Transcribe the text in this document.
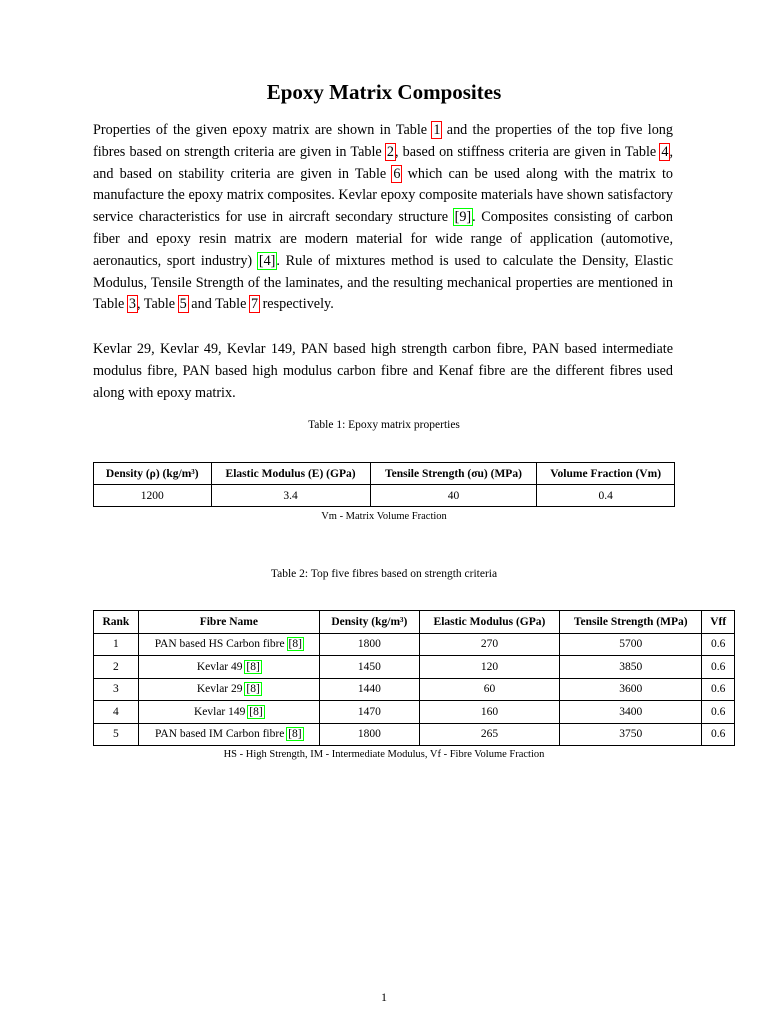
Epoxy Matrix Composites

Properties of the given epoxy matrix are shown in Table 1 and the properties of the top five long fibres based on strength criteria are given in Table 2, based on stiffness criteria are given in Table 4, and based on stability criteria are given in Table 6 which can be used along with the matrix to manufacture the epoxy matrix composites. Kevlar epoxy composite materials have shown satisfactory service characteristics for use in aircraft secondary structure [9]. Composites consisting of carbon fiber and epoxy resin matrix are modern material for wide range of application (automotive, aeronautics, sport industry) [4]. Rule of mixtures method is used to calculate the Density, Elastic Modulus, Tensile Strength of the laminates, and the resulting mechanical properties are mentioned in Table 3, Table 5 and Table 7 respectively.

Kevlar 29, Kevlar 49, Kevlar 149, PAN based high strength carbon fibre, PAN based intermediate modulus fibre, PAN based high modulus carbon fibre and Kenaf fibre are the different fibres used along with epoxy matrix.

Table 1: Epoxy matrix properties
Density (ρ) (kg/m³)	Elastic Modulus (E) (GPa)	Tensile Strength (σu) (MPa)	Volume Fraction (Vm)
1200	3.4	40	0.4
Vm - Matrix Volume Fraction
Table 2: Top five fibres based on strength criteria
Rank	Fibre Name	Density (kg/m³)	Elastic Modulus (GPa)	Tensile Strength (MPa)	Vff
1	PAN based HS Carbon fibre [8]	1800	270	5700	0.6
2	Kevlar 49 [8]	1450	120	3850	0.6
3	Kevlar 29 [8]	1440	60	3600	0.6
4	Kevlar 149 [8]	1470	160	3400	0.6
5	PAN based IM Carbon fibre [8]	1800	265	3750	0.6
HS - High Strength, IM - Intermediate Modulus, Vf - Fibre Volume Fraction
1
